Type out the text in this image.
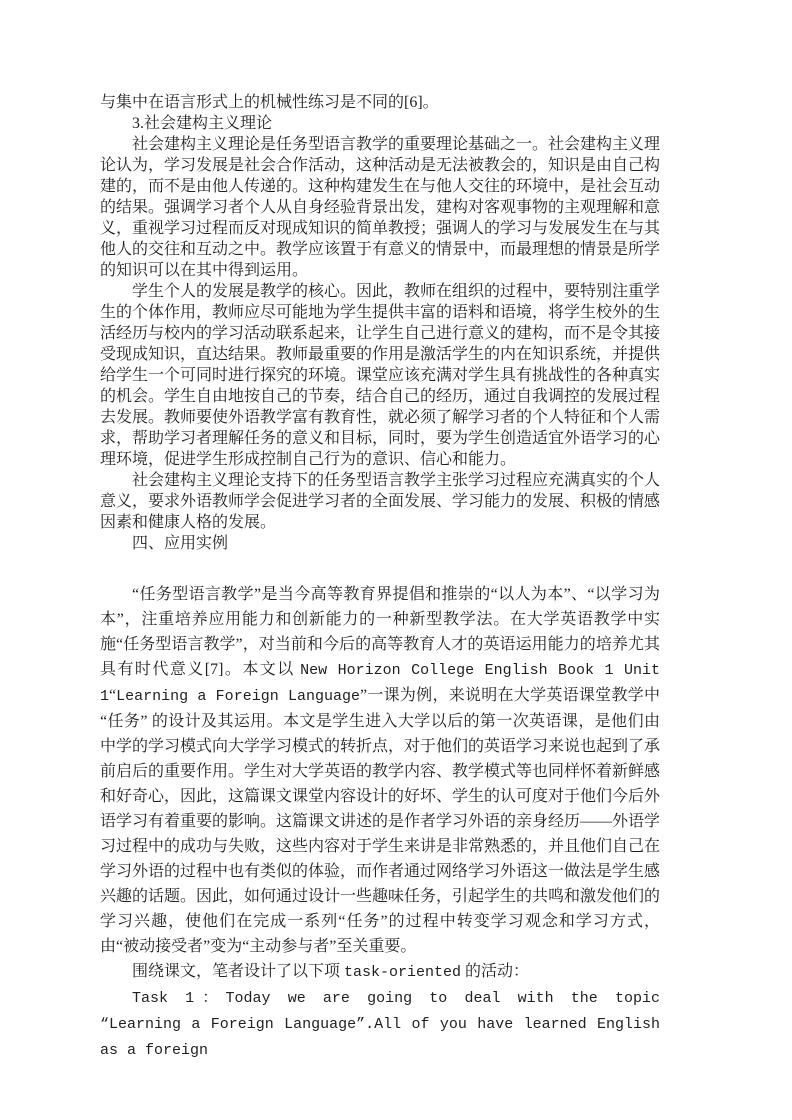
与集中在语言形式上的机械性练习是不同的[6]。

3.社会建构主义理论

社会建构主义理论是任务型语言教学的重要理论基础之一。社会建构主义理论认为，学习发展是社会合作活动，这种活动是无法被教会的，知识是由自己构建的，而不是由他人传递的。这种构建发生在与他人交往的环境中，是社会互动的结果。强调学习者个人从自身经验背景出发，建构对客观事物的主观理解和意义，重视学习过程而反对现成知识的简单教授；强调人的学习与发展发生在与其他人的交往和互动之中。教学应该置于有意义的情景中，而最理想的情景是所学的知识可以在其中得到运用。

学生个人的发展是教学的核心。因此，教师在组织的过程中，要特别注重学生的个体作用，教师应尽可能地为学生提供丰富的语料和语境，将学生校外的生活经历与校内的学习活动联系起来，让学生自己进行意义的建构，而不是令其接受现成知识，直达结果。教师最重要的作用是激活学生的内在知识系统，并提供给学生一个可同时进行探究的环境。课堂应该充满对学生具有挑战性的各种真实的机会。学生自由地按自己的节奏，结合自己的经历，通过自我调控的发展过程去发展。教师要使外语教学富有教育性，就必须了解学习者的个人特征和个人需求，帮助学习者理解任务的意义和目标，同时，要为学生创造适宜外语学习的心理环境，促进学生形成控制自己行为的意识、信心和能力。

社会建构主义理论支持下的任务型语言教学主张学习过程应充满真实的个人意义，要求外语教师学会促进学习者的全面发展、学习能力的发展、积极的情感因素和健康人格的发展。

四、应用实例

“任务型语言教学”是当今高等教育界提倡和推崇的“以人为本”、“以学习为本”，注重培养应用能力和创新能力的一种新型教学法。在大学英语教学中实施“任务型语言教学”，对当前和今后的高等教育人才的英语运用能力的培养尤其具有时代意义[7]。本文以 New Horizon College English Book 1 Unit 1“Learning a Foreign Language”一课为例，来说明在大学英语课堂教学中 “任务” 的设计及其运用。本文是学生进入大学以后的第一次英语课，是他们由中学的学习模式向大学学习模式的转折点，对于他们的英语学习来说也起到了承前启后的重要作用。学生对大学英语的教学内容、教学模式等也同样怀着新鲜感和好奇心，因此，这篇课文课堂内容设计的好坏、学生的认可度对于他们今后外语学习有着重要的影响。这篇课文讲述的是作者学习外语的亲身经历——外语学习过程中的成功与失败，这些内容对于学生来讲是非常熟悉的，并且他们自己在学习外语的过程中也有类似的体验，而作者通过网络学习外语这一做法是学生感兴趣的话题。因此，如何通过设计一些趣味任务，引起学生的共鸣和激发他们的学习兴趣，使他们在完成一系列“任务”的过程中转变学习观念和学习方式，由“被动接受者”变为“主动参与者”至关重要。

围绕课文，笔者设计了以下项 task-oriented 的活动：

Task 1：Today we are going to deal with the topic “Learning a Foreign Language”.All of you have learned English as a foreign
